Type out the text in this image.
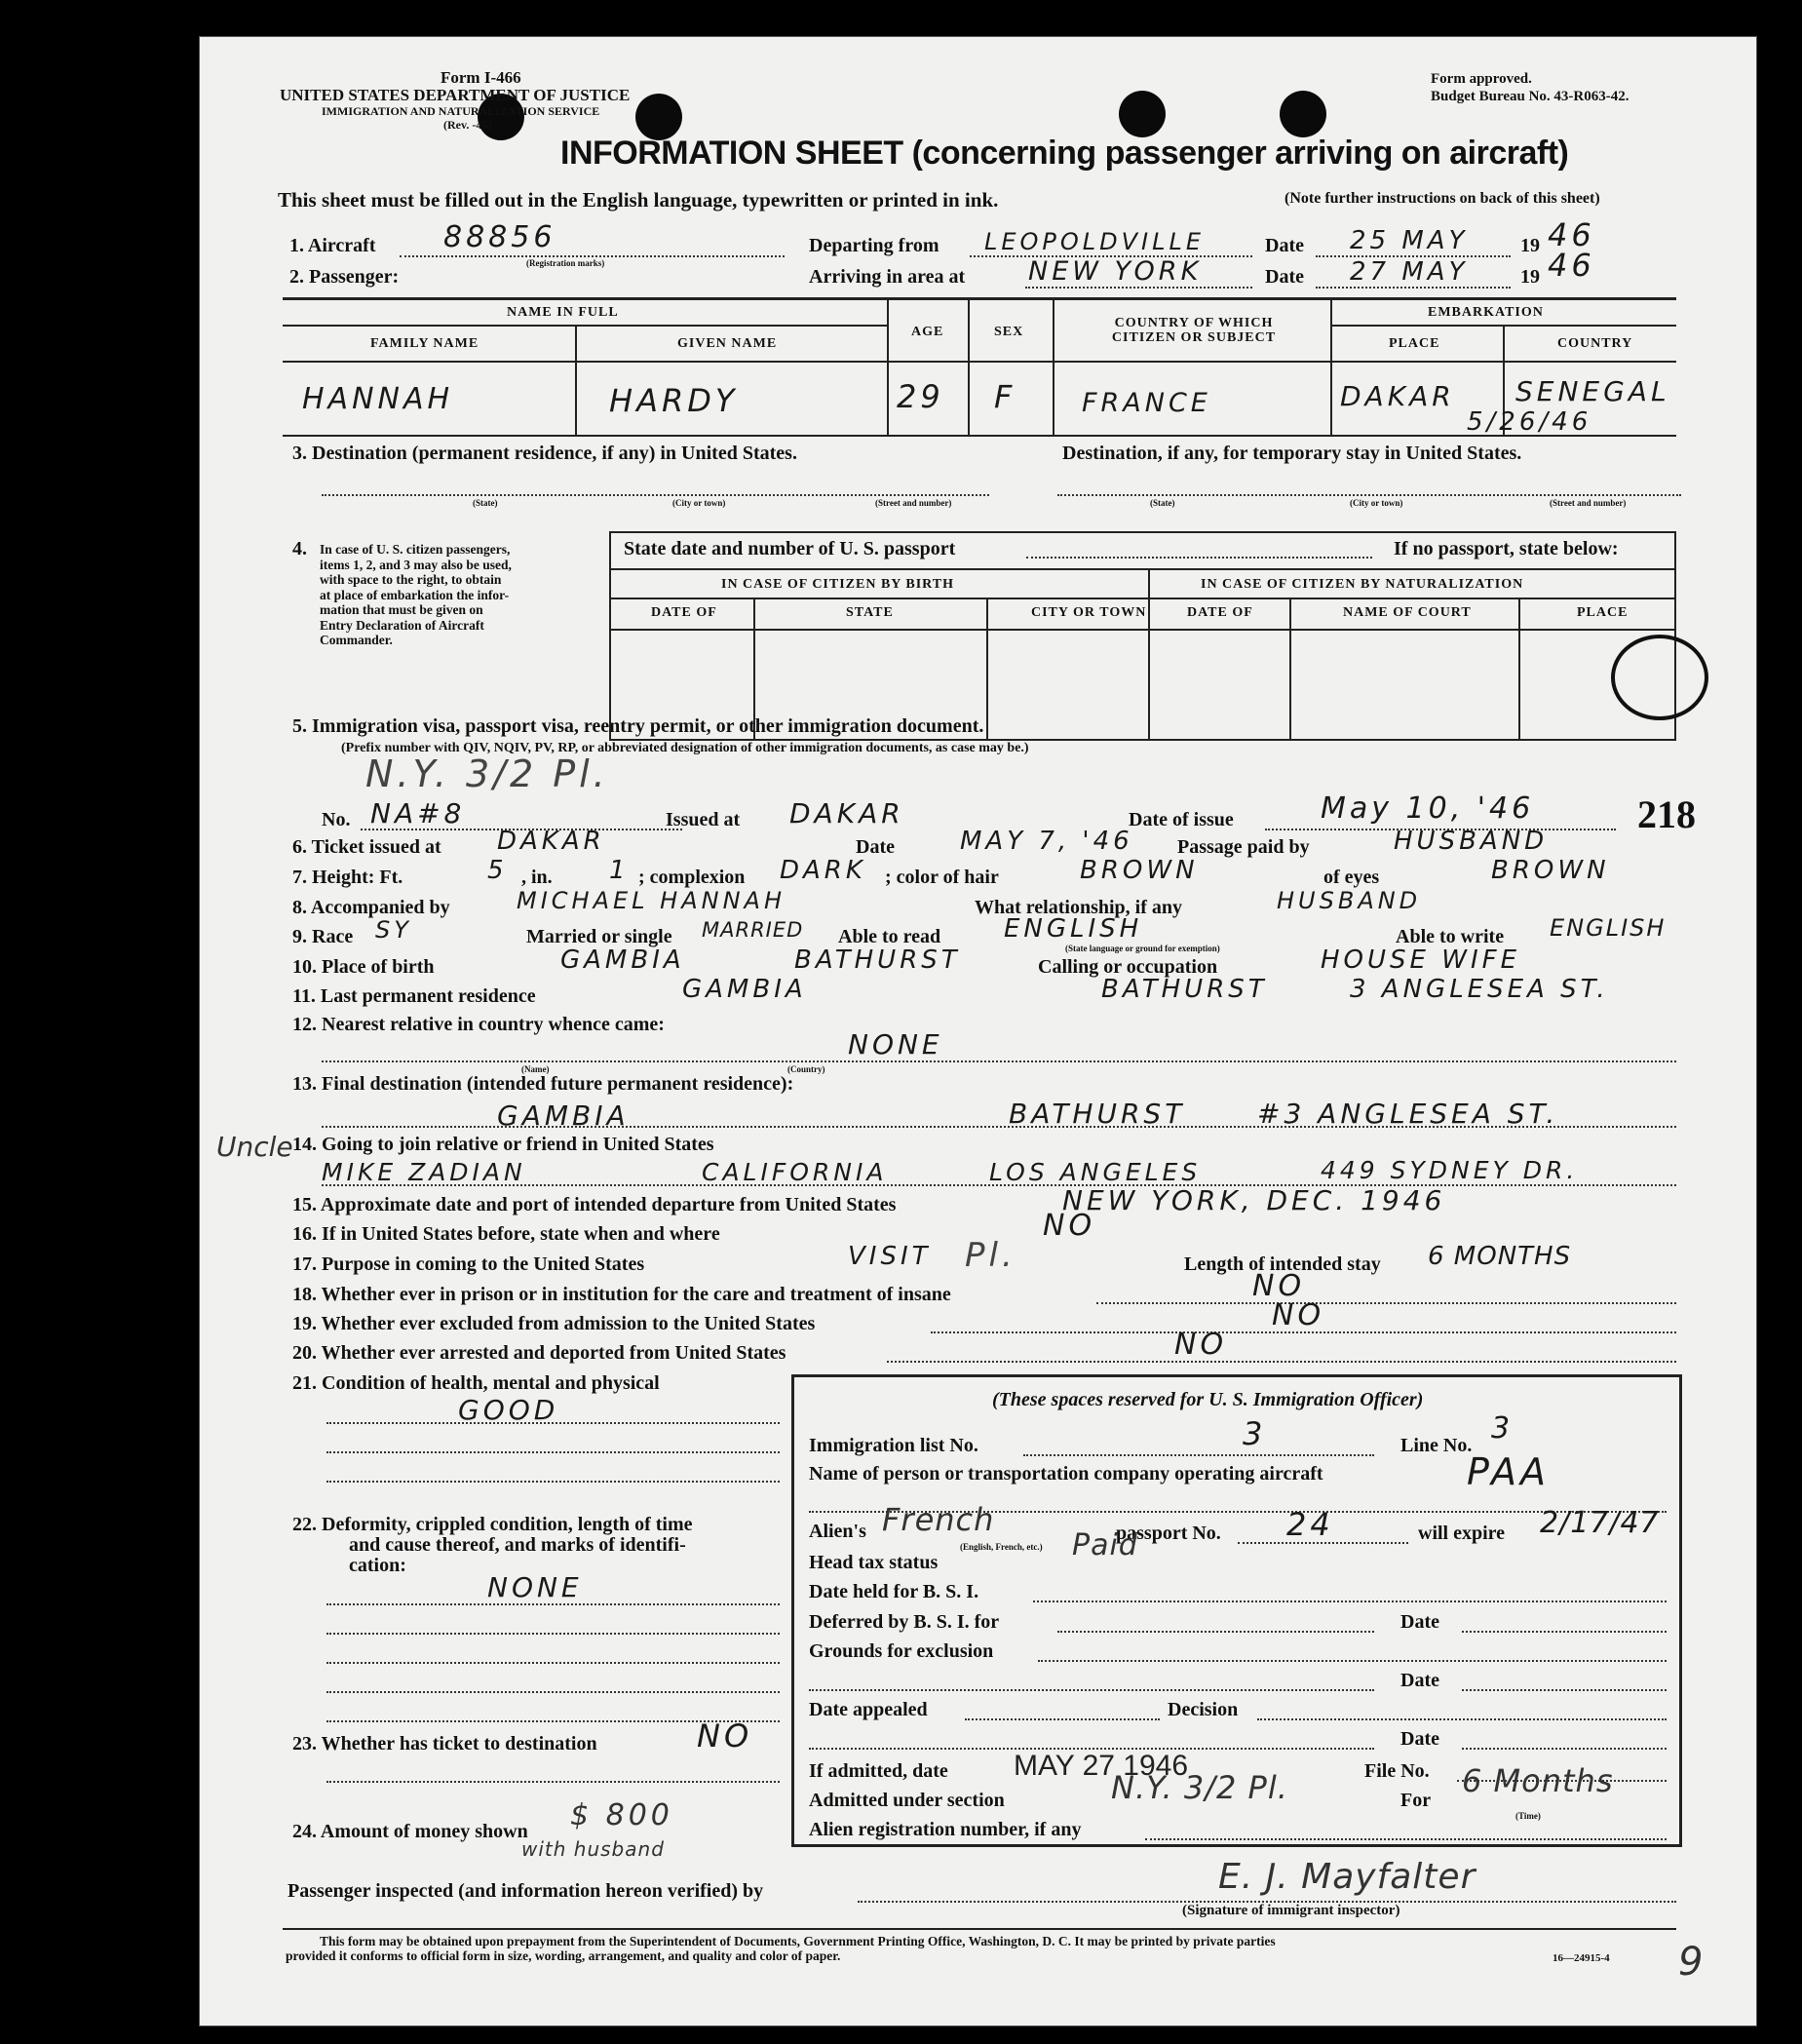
Form I-466
UNITED STATES DEPARTMENT OF JUSTICE
IMMIGRATION AND NATURALIZATION SERVICE
(Rev. -45)
Form approved.
Budget Bureau No. 43-R063-42.
INFORMATION SHEET (concerning passenger arriving on aircraft)
This sheet must be filled out in the English language, typewritten or printed in ink.	(Note further instructions on back of this sheet)
1. Aircraft 88856
(Registration marks)
Departing from LEOPOLDVILLE	Date 25 MAY	19 46
2. Passenger:	Arriving in area at NEW YORK	Date 27 MAY	19 46
NAME IN FULL
FAMILY NAME	GIVEN NAME
AGE	SEX
COUNTRY OF WHICH CITIZEN OR SUBJECT
EMBARKATION
PLACE	COUNTRY
HANNAH	HARDY	29 F	FRANCE	DAKAR SENEGAL
5/26/46
3. Destination (permanent residence, if any) in United States.	Destination, if any, for temporary stay in United States.
(State)	(City or town)	(Street and number)	(State)	(City or town)	(Street and number)
4. In case of U. S. citizen passengers,
items 1, 2, and 3 may also be used,
with space to the right, to obtain
at place of embarkation the infor-
mation that must be given on
Entry Declaration of Aircraft
Commander.
State date and number of U. S. passport	If no passport, state below:
IN CASE OF CITIZEN BY BIRTH	IN CASE OF CITIZEN BY NATURALIZATION
DATE OF	STATE	CITY OR TOWN	DATE OF	NAME OF COURT	PLACE
5. Immigration visa, passport visa, reentry permit, or other immigration document.
(Prefix number with QIV, NQIV, PV, RP, or abbreviated designation of other immigration documents, as case may be.)
N.Y. 3/2 Pl.
No. NA#8	Issued at DAKAR	Date of issue	May 10, '46	218
6. Ticket issued at DAKAR	Date	MAY 7, '46 Passage paid by	HUSBAND
7. Height: Ft.	5 , in. 1 ; complexion DARK ; color of hair	BROWN	of eyes	BROWN
8. Accompanied by	MICHAEL HANNAH	What relationship, if any	HUSBAND
9. Race SY	Married or single MARRIED Able to read ENGLISH	Able to write ENGLISH
(State language or ground for exemption)
10. Place of birth	GAMBIA	BATHURST	Calling or occupation	HOUSE WIFE
11. Last permanent residence	GAMBIA	BATHURST	3 ANGLESEA ST.
12. Nearest relative in country whence came:
NONE
(Name)	(Country)
13. Final destination (intended future permanent residence):
GAMBIA	BATHURST	#3 ANGLESEA ST.
Uncle 14. Going to join relative or friend in United States
MIKE ZADIAN	CALIFORNIA	LOS ANGELES	449 SYDNEY DR.
15. Approximate date and port of intended departure from United States	NEW YORK, DEC. 1946
16. If in United States before, state when and where	NO
17. Purpose in coming to the United States	VISIT Pl.	Length of intended stay 6 MONTHS
18. Whether ever in prison or in institution for the care and treatment of insane	NO
19. Whether ever excluded from admission to the United States	NO
20. Whether ever arrested and deported from United States	NO
21. Condition of health, mental and physical
GOOD
22. Deformity, crippled condition, length of time
and cause thereof, and marks of identifi-
cation:
NONE
23. Whether has ticket to destination	NO
24. Amount of money shown $ 800
with husband
(These spaces reserved for U. S. Immigration Officer)
Immigration list No.	3	Line No. 3
Name of person or transportation company operating aircraft	PAA
Alien's French
(English, French, etc.)
passport No. 24	will expire 2/17/47
Head tax status	Paid
Date held for B. S. I.
Deferred by B. S. I. for	Date
Grounds for exclusion
Date
Date appealed	Decision
Date
If admitted, date MAY 27 1946	File No.
Admitted under section	N.Y. 3/2 Pl.	For
6 Months
(Time)
Alien registration number, if any
Passenger inspected (and information hereon verified) by	E. J. Mayfalter
(Signature of immigrant inspector)
This form may be obtained upon prepayment from the Superintendent of Documents, Government Printing Office, Washington, D. C. It may be printed by private parties
provided it conforms to official form in size, wording, arrangement, and quality and color of paper.	16—24915-4 9
